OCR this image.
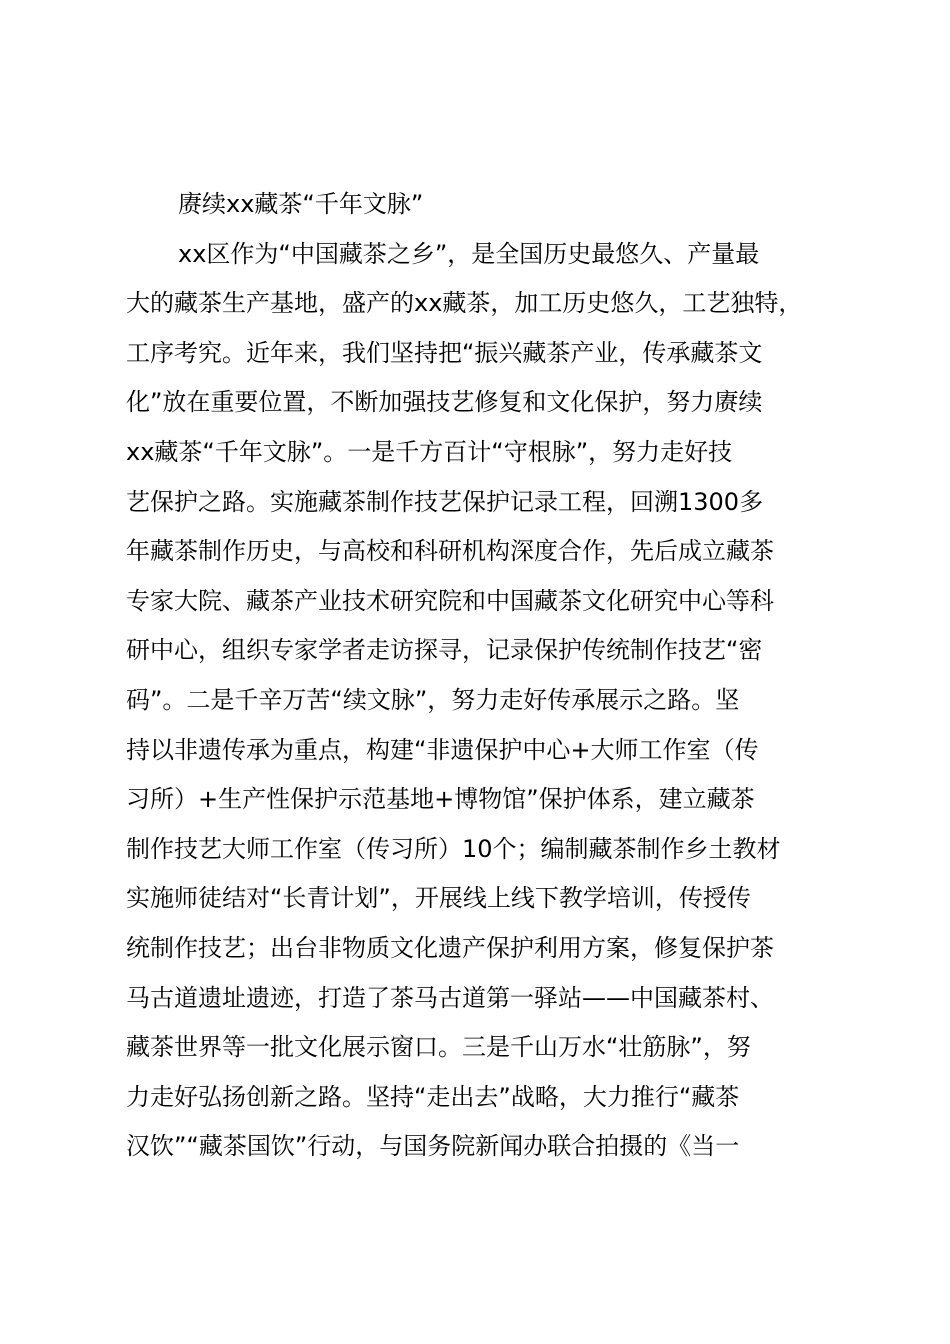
赓续xx藏茶“千年文脉”
xx区作为“中国藏茶之乡”，是全国历史最悠久、产量最
大的藏茶生产基地，盛产的xx藏茶，加工历史悠久，工艺独特，
工序考究。近年来，我们坚持把“振兴藏茶产业，传承藏茶文
化”放在重要位置，不断加强技艺修复和文化保护，努力赓续
xx藏茶“千年文脉”。一是千方百计“守根脉”，努力走好技
艺保护之路。实施藏茶制作技艺保护记录工程，回溯1300多
年藏茶制作历史，与高校和科研机构深度合作，先后成立藏茶
专家大院、藏茶产业技术研究院和中国藏茶文化研究中心等科
研中心，组织专家学者走访探寻，记录保护传统制作技艺“密
码”。二是千辛万苦“续文脉”，努力走好传承展示之路。坚
持以非遗传承为重点，构建“非遗保护中心+大师工作室（传
习所）+生产性保护示范基地+博物馆”保护体系，建立藏茶
制作技艺大师工作室（传习所）10个；编制藏茶制作乡土教材
实施师徒结对“长青计划”，开展线上线下教学培训，传授传
统制作技艺；出台非物质文化遗产保护利用方案，修复保护茶
马古道遗址遗迹，打造了茶马古道第一驿站——中国藏茶村、
藏茶世界等一批文化展示窗口。三是千山万水“壮筋脉”，努
力走好弘扬创新之路。坚持“走出去”战略，大力推行“藏茶
汉饮”“藏茶国饮”行动，与国务院新闻办联合拍摄的《当一
